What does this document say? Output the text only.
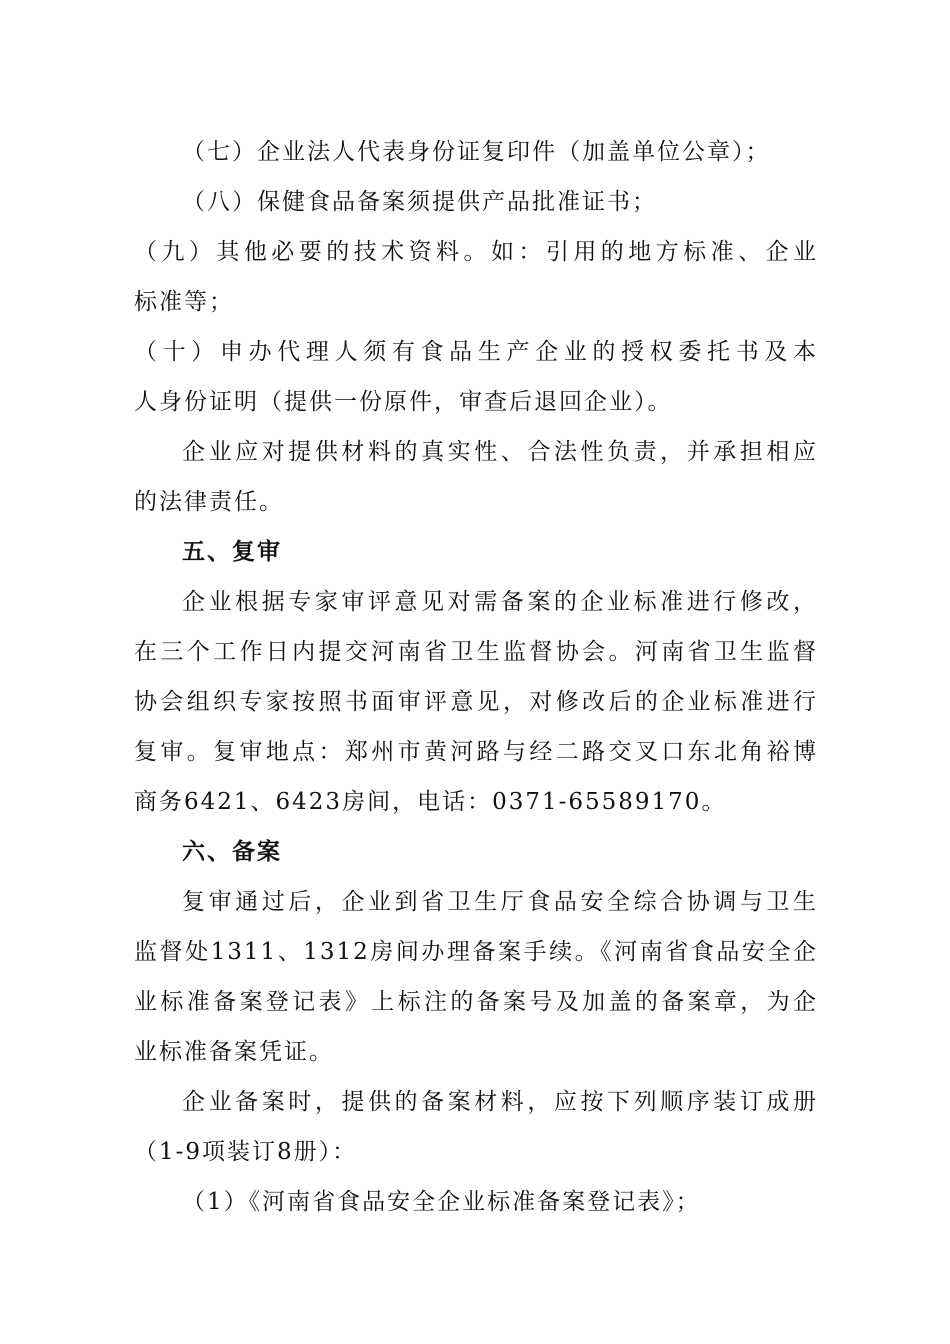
（七）企业法人代表身份证复印件（加盖单位公章）；
（八）保健食品备案须提供产品批准证书；
（九）其他必要的技术资料。如：引用的地方标准、企业
标准等；
（十）申办代理人须有食品生产企业的授权委托书及本
人身份证明（提供一份原件，审查后退回企业）。
企业应对提供材料的真实性、合法性负责，并承担相应
的法律责任。
五、复审
企业根据专家审评意见对需备案的企业标准进行修改，
在三个工作日内提交河南省卫生监督协会。河南省卫生监督
协会组织专家按照书面审评意见，对修改后的企业标准进行
复审。复审地点：郑州市黄河路与经二路交叉口东北角裕博
商务6421、6423房间，电话：0371-65589170。
六、备案
复审通过后，企业到省卫生厅食品安全综合协调与卫生
监督处1311、1312房间办理备案手续。《河南省食品安全企
业标准备案登记表》上标注的备案号及加盖的备案章，为企
业标准备案凭证。
企业备案时，提供的备案材料，应按下列顺序装订成册
（1-9项装订8册）：
（1）《河南省食品安全企业标准备案登记表》；
